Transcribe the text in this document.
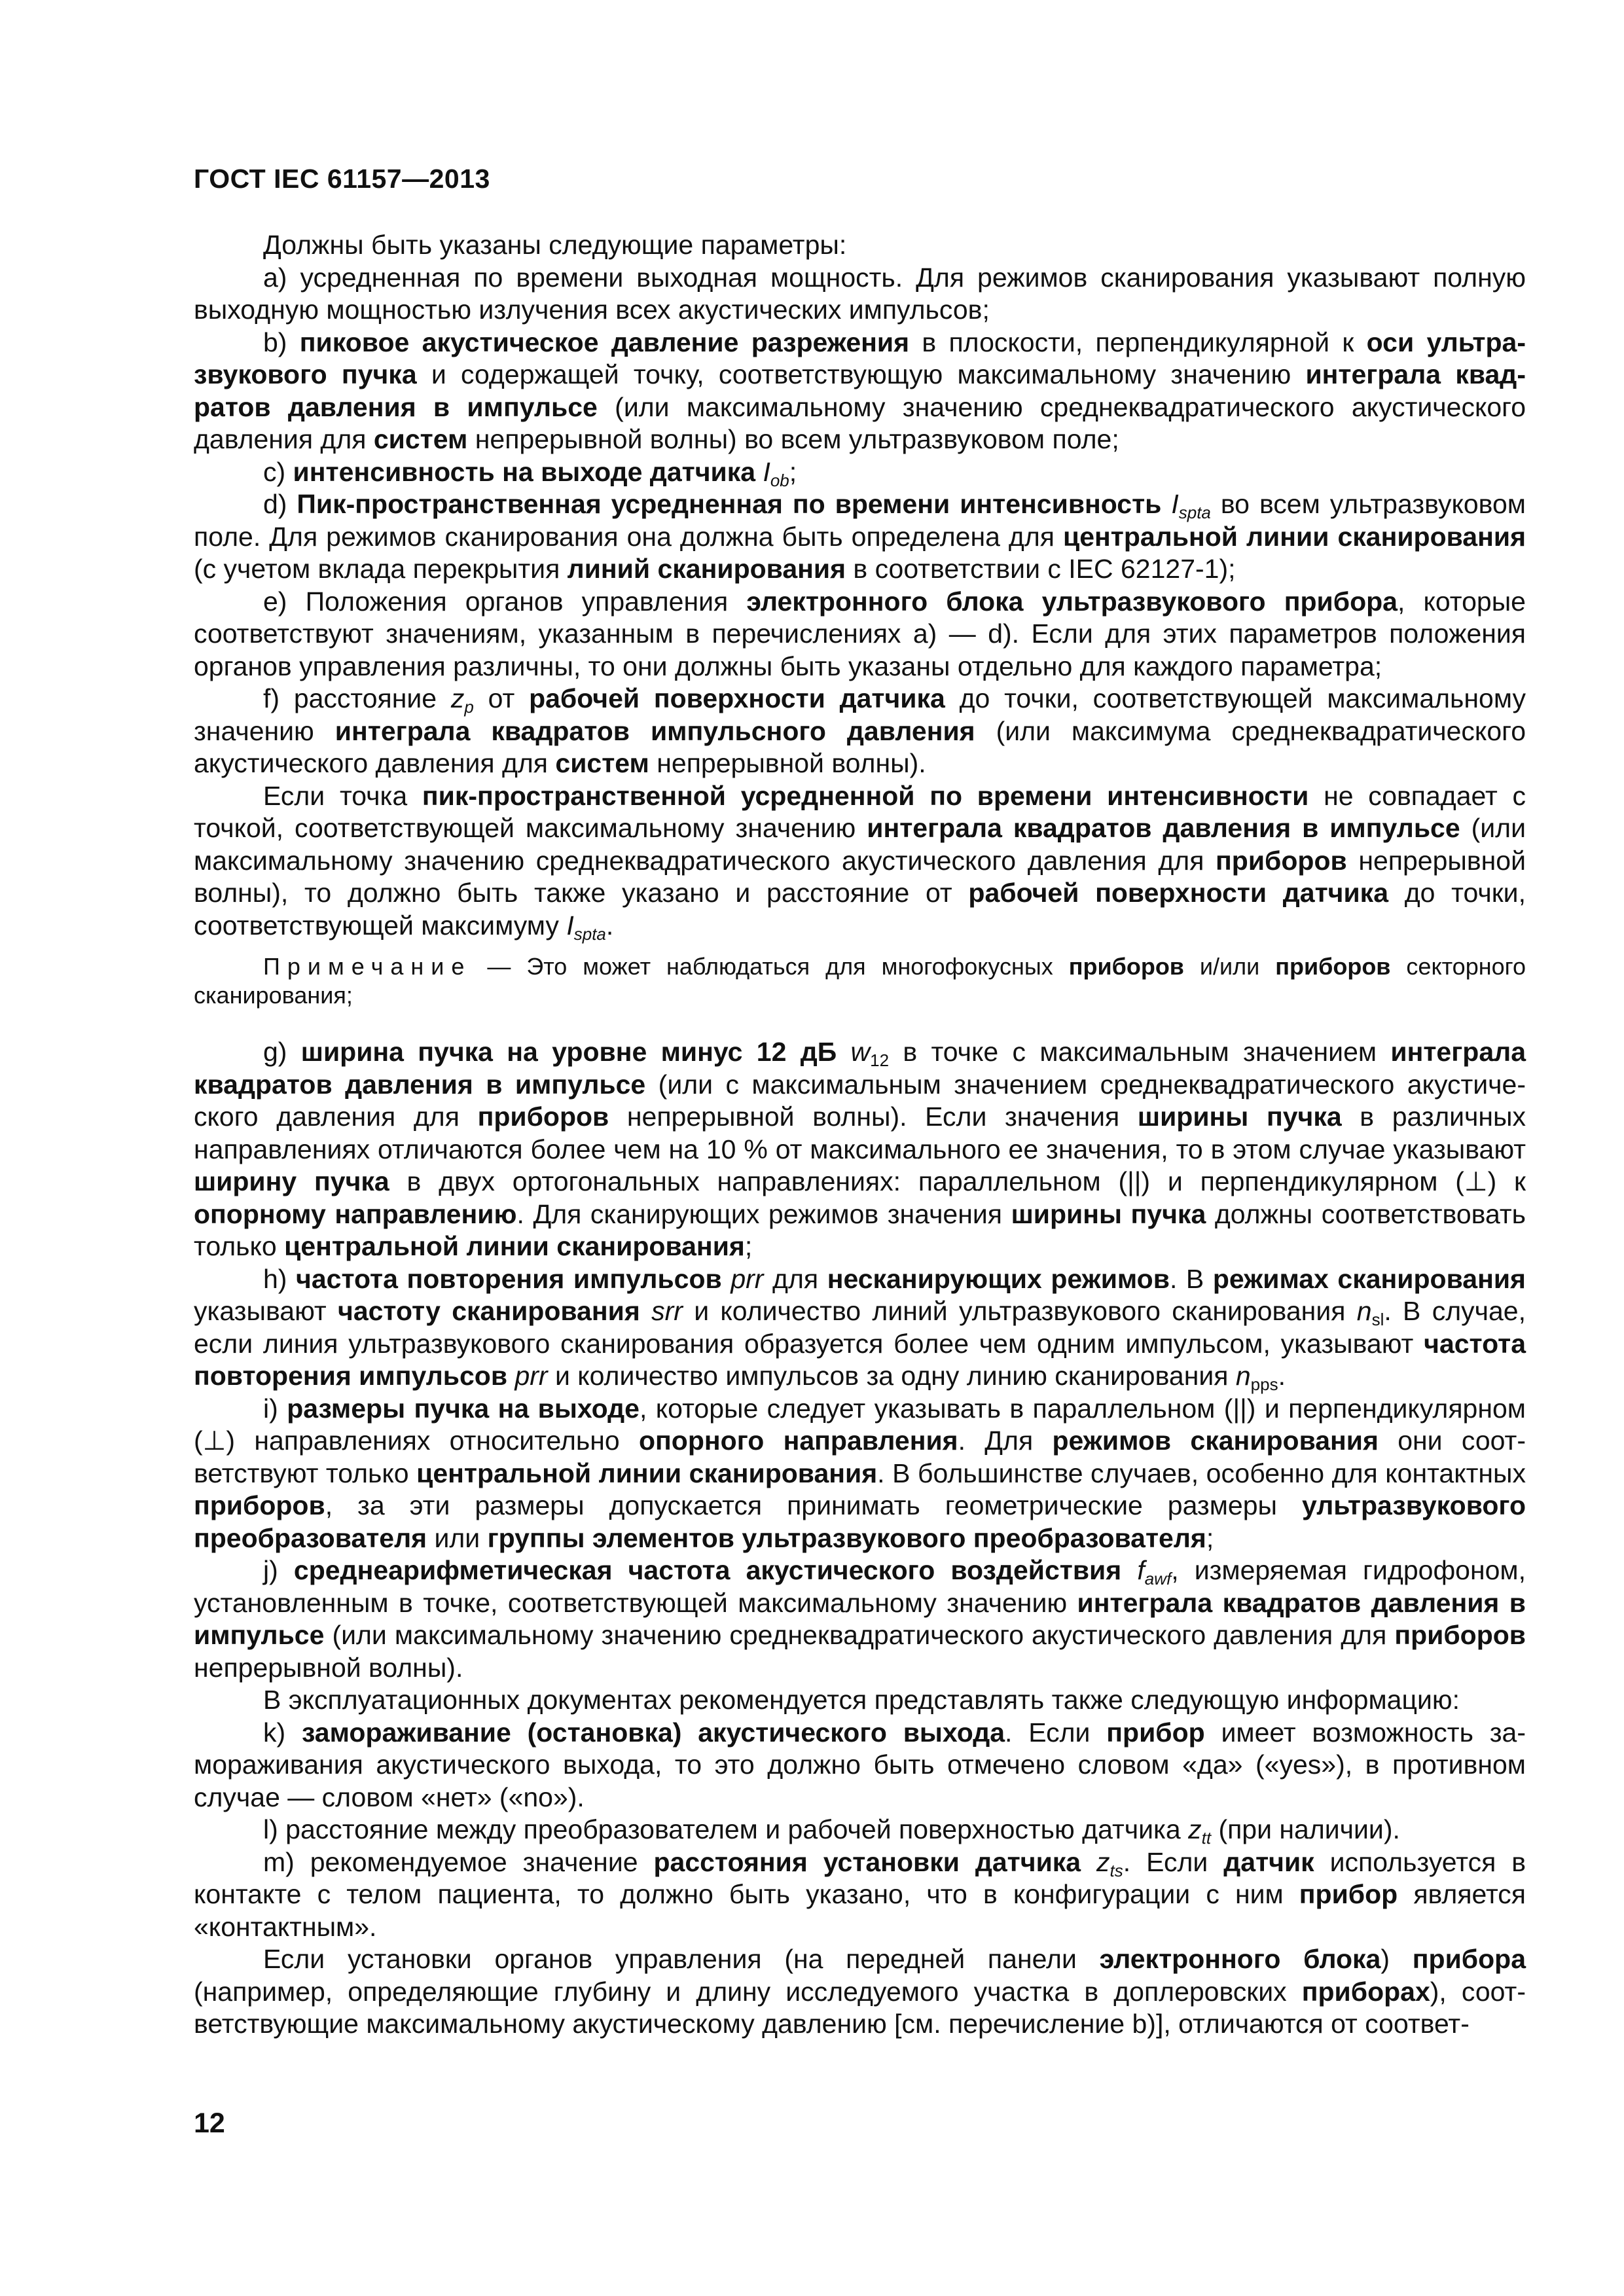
ГОСТ IEC 61157—2013

Должны быть указаны следующие параметры:

а) усредненная по времени выходная мощность. Для режимов сканирования указывают полную выходную мощностью излучения всех акустических импульсов;

b) пиковое акустическое давление разрежения в плоскости, перпендикулярной к оси ультразвукового пучка и содержащей точку, соответствующую максимальному значению интеграла квадратов давления в импульсе (или максимальному значению среднеквадратического акустического давления для систем непрерывной волны) во всем ультразвуковом поле;

с) интенсивность на выходе датчика $I_{ob}$;

d) Пик-пространственная усредненная по времени интенсивность $I_{spta}$ во всем ультразвуковом поле. Для режимов сканирования она должна быть определена для центральной линии сканирования (с учетом вклада перекрытия линий сканирования в соответствии с IEC 62127-1);

е) Положения органов управления электронного блока ультразвукового прибора, которые соответствуют значениям, указанным в перечислениях а) — d). Если для этих параметров положения органов управления различны, то они должны быть указаны отдельно для каждого параметра;

f) расстояние $z_p$ от рабочей поверхности датчика до точки, соответствующей максимальному значению интеграла квадратов импульсного давления (или максимума среднеквадратического акустического давления для систем непрерывной волны).

Если точка пик-пространственной усредненной по времени интенсивности не совпадает с точкой, соответствующей максимальному значению интеграла квадратов давления в импульсе (или максимальному значению среднеквадратического акустического давления для приборов непрерывной волны), то должно быть также указано и расстояние от рабочей поверхности датчика до точки, соответствующей максимуму $I_{spta}$.

Примечание — Это может наблюдаться для многофокусных приборов и/или приборов секторного сканирования;

g) ширина пучка на уровне минус 12 дБ $w_{12}$ в точке с максимальным значением интеграла квадратов давления в импульсе (или с максимальным значением среднеквадратического акустического давления для приборов непрерывной волны). Если значения ширины пучка в различных направлениях отличаются более чем на 10 % от максимального ее значения, то в этом случае указывают ширину пучка в двух ортогональных направлениях: параллельном (||) и перпендикулярном (⊥) к опорному направлению. Для сканирующих режимов значения ширины пучка должны соответствовать только центральной линии сканирования;

h) частота повторения импульсов prr для несканирующих режимов. В режимах сканирования указывают частоту сканирования srr и количество линий ультразвукового сканирования $n_{sl}$. В случае, если линия ультразвукового сканирования образуется более чем одним импульсом, указывают частота повторения импульсов prr и количество импульсов за одну линию сканирования $n_{pps}$.

i) размеры пучка на выходе, которые следует указывать в параллельном (||) и перпендикулярном (⊥) направлениях относительно опорного направления. Для режимов сканирования они соответствуют только центральной линии сканирования. В большинстве случаев, особенно для контактных приборов, за эти размеры допускается принимать геометрические размеры ультразвукового преобразователя или группы элементов ультразвукового преобразователя;

j) среднеарифметическая частота акустического воздействия $f_{awf}$, измеряемая гидрофоном, установленным в точке, соответствующей максимальному значению интеграла квадратов давления в импульсе (или максимальному значению среднеквадратического акустического давления для приборов непрерывной волны).

В эксплуатационных документах рекомендуется представлять также следующую информацию:

k) замораживание (остановка) акустического выхода. Если прибор имеет возможность замораживания акустического выхода, то это должно быть отмечено словом «да» («yes»), в противном случае — словом «нет» («no»).

l) расстояние между преобразователем и рабочей поверхностью датчика $z_{tt}$ (при наличии).

m) рекомендуемое значение расстояния установки датчика $z_{ts}$. Если датчик используется в контакте с телом пациента, то должно быть указано, что в конфигурации с ним прибор является «контактным».

Если установки органов управления (на передней панели электронного блока) прибора (например, определяющие глубину и длину исследуемого участка в доплеровских приборах), соответствующие максимальному акустическому давлению [см. перечисление b)], отличаются от соответ-

12
